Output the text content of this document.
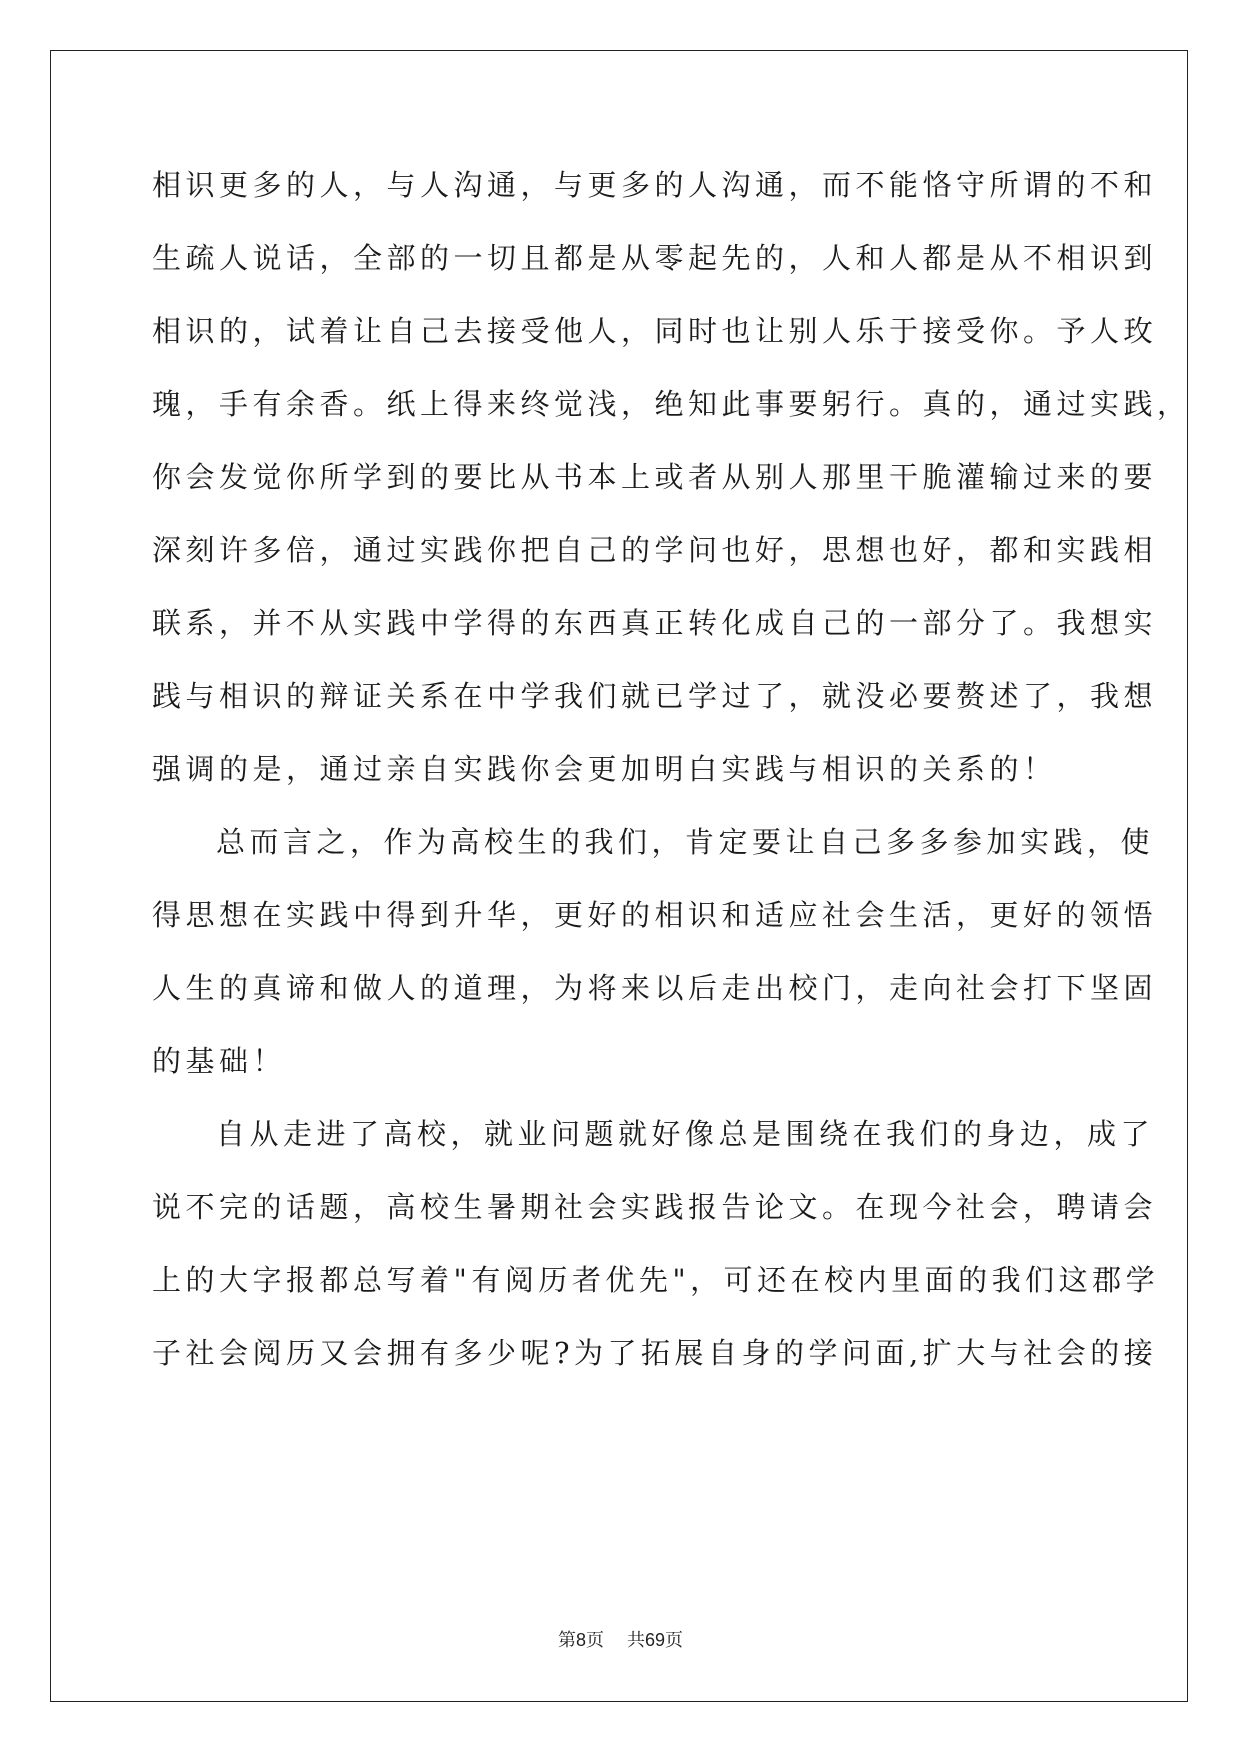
相识更多的人，与人沟通，与更多的人沟通，而不能恪守所谓的不和
生疏人说话，全部的一切且都是从零起先的，人和人都是从不相识到
相识的，试着让自己去接受他人，同时也让别人乐于接受你。予人玫
瑰，手有余香。纸上得来终觉浅，绝知此事要躬行。真的，通过实践，
你会发觉你所学到的要比从书本上或者从别人那里干脆灌输过来的要
深刻许多倍，通过实践你把自己的学问也好，思想也好，都和实践相
联系，并不从实践中学得的东西真正转化成自己的一部分了。我想实
践与相识的辩证关系在中学我们就已学过了，就没必要赘述了，我想
强调的是，通过亲自实践你会更加明白实践与相识的关系的！
总而言之，作为高校生的我们，肯定要让自己多多参加实践，使
得思想在实践中得到升华，更好的相识和适应社会生活，更好的领悟
人生的真谛和做人的道理，为将来以后走出校门，走向社会打下坚固
的基础！
自从走进了高校，就业问题就好像总是围绕在我们的身边，成了
说不完的话题，高校生暑期社会实践报告论文。在现今社会，聘请会
上的大字报都总写着"有阅历者优先"，可还在校内里面的我们这郡学
子社会阅历又会拥有多少呢?为了拓展自身的学问面,扩大与社会的接
第8页 共69页
